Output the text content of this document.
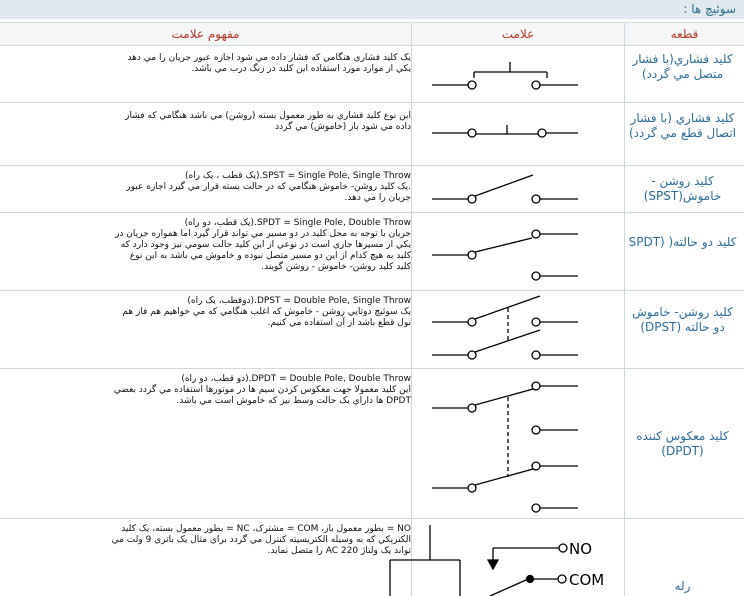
سوئيچ ها :
مفهوم علامت	علامت	قطعه
يک کليد فشاري هنگامي که فشار داده مي شود اجازه عبور جريان را مي دهد
يکي از موارد مورد استفاده اين کليد در زنگ درب مي باشد.
كليد فشاري(با فشار متصل مي گردد)
اين نوع کليد فشاري به طور معمول بسته (روشن) مي باشد هنگامي که فشار
داده مي شود باز (خاموش) مي گردد
كليد فشاري (با فشار اتصال قطع مي گردد)
SPST = Single Pole, Single Throw.(يک قطب ، يک راه)
.يک کليد روشن- خاموش هنگامي که در حالت بسته قرار مي گيرد اجازه عبور
جريان را مي دهد.
كليد روشن - خاموش(SPST)
SPDT = Single Pole, Double Throw.(يک قطب، دو راه)
جريان با توجه به محل کليد در دو مسير مي تواند قرار گيرد اما همواره جريان در
يکي از مسيرها جاري است در نوعي از اين کليد حالت سومي نيز وجود دارد که
کليد به هيچ کدام از اين دو مسير متصل نبوده و خاموش مي باشد به اين نوع
کليد کليد روشن- خاموش - روشن گويند.
كليد دو حالته( (SPDT
DPST = Double Pole, Single Throw.(دوقطب، يک راه)
يک سوئيچ دوتايي روشن - خاموش که اغلب هنگامي که مي خواهيم هم فاز هم
نول قطع باشد از آن استفاده مي کنيم.
كليد روشن- خاموش دو حالته (DPST)
DPDT = Double Pole, Double Throw.(دو قطب، دو راه)
اين کليد معمولا جهت معکوس کردن سيم ها در موتورها استفاده مي گردد بعضي
DPDT ها داراي يک حالت وسط نيز که خاموش است مي باشد.
كليد معكوس كننده (DPDT)
NO = بطور معمول باز، COM = مشترک، NC = بطور معمول بسته، يک کليد
الکتريکي که به وسيله الکتريسيته کنترل مي گردد براي مثال يک باتري 9 ولت مي
تواند يک ولتاژ 220 AC را متصل نمايد.
رله
NO
COM
